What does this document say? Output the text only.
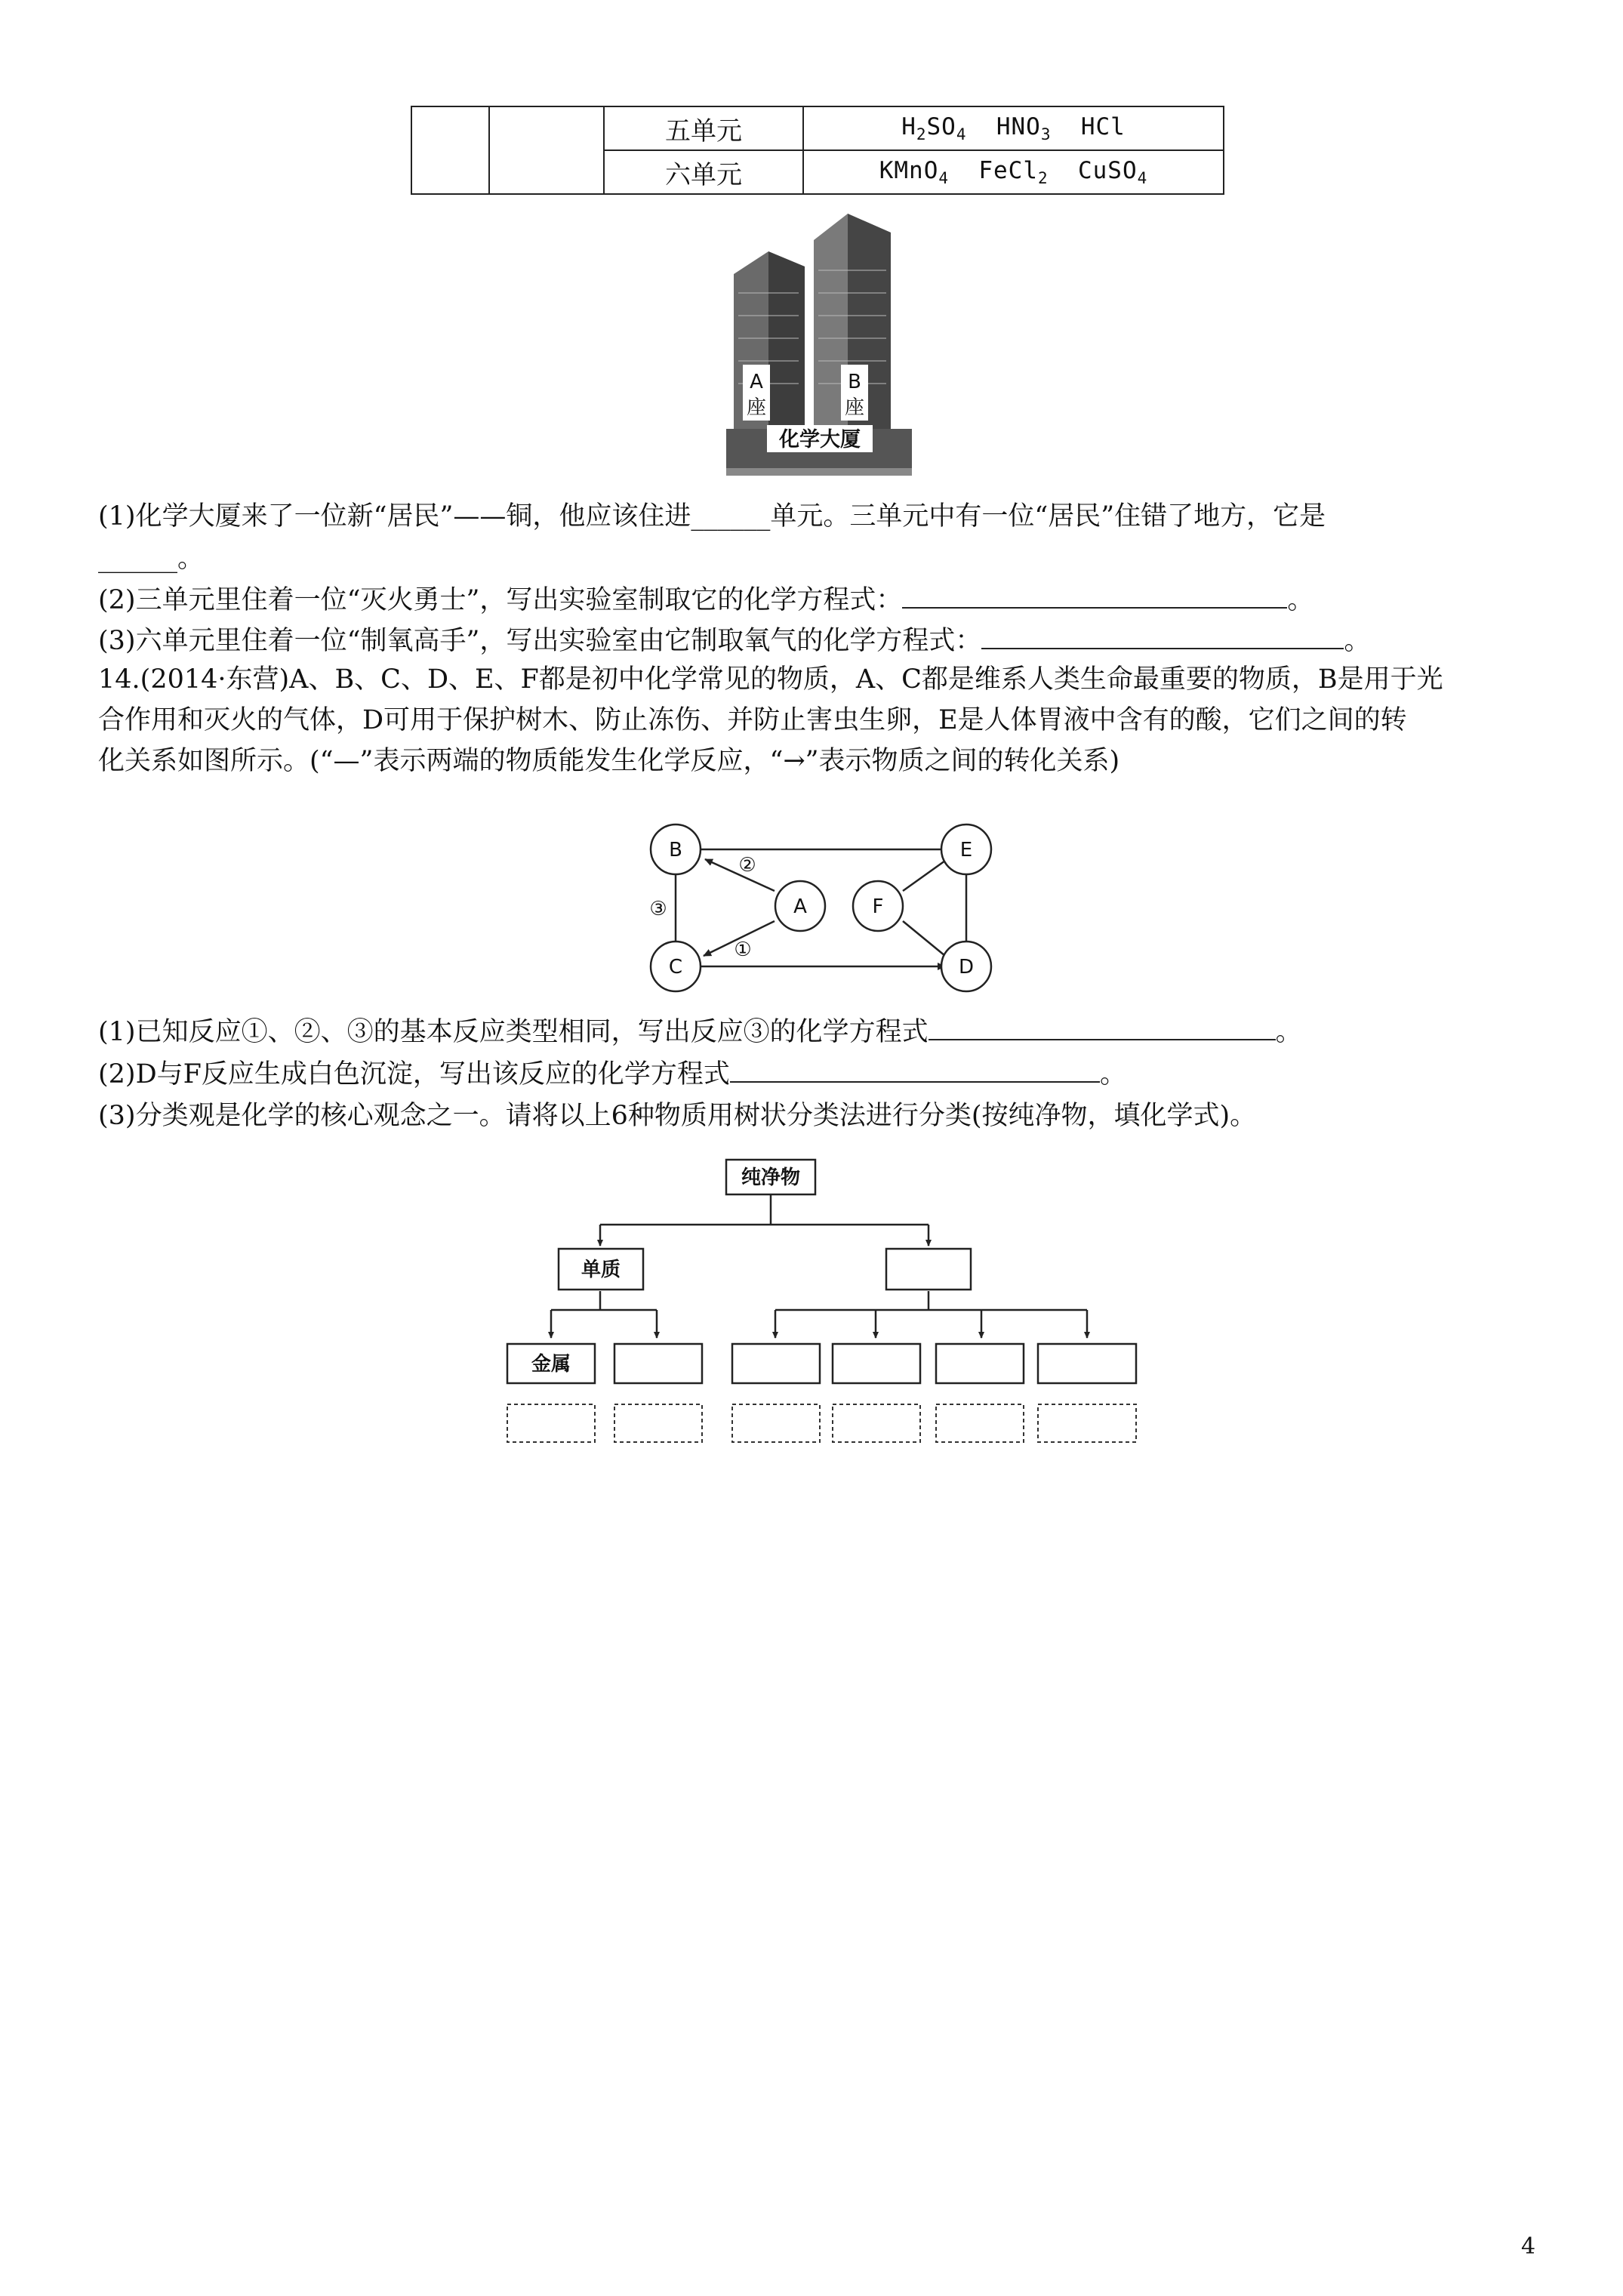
		五单元	$H_2SO_4$ $HNO_3$ HCl
		六单元	KMnO$_4$ FeCl$_2$ CuSO$_4$
A
座
B
座
化学大厦
(1)化学大厦来了一位新“居民”——铜，他应该住进______单元。三单元中有一位“居民”住错了地方，它是
______。
(2)三单元里住着一位“灭火勇士”，写出实验室制取它的化学方程式：	。
(3)六单元里住着一位“制氧高手”，写出实验室由它制取氧气的化学方程式：	。
14.(2014·东营)A、B、C、D、E、F都是初中化学常见的物质，A、C都是维系人类生命最重要的物质，B是用于光
合作用和灭火的气体，D可用于保护树木、防止冻伤、并防止害虫生卵，E是人体胃液中含有的酸，它们之间的转
化关系如图所示。(“—”表示两端的物质能发生化学反应，“→”表示物质之间的转化关系)
B	E
A	F
C	D
②
③
①
(1)已知反应①、②、③的基本反应类型相同，写出反应③的化学方程式	。
(2)D与F反应生成白色沉淀，写出该反应的化学方程式	。
(3)分类观是化学的核心观念之一。请将以上6种物质用树状分类法进行分类(按纯净物，填化学式)。
纯净物
单质
金属
4
